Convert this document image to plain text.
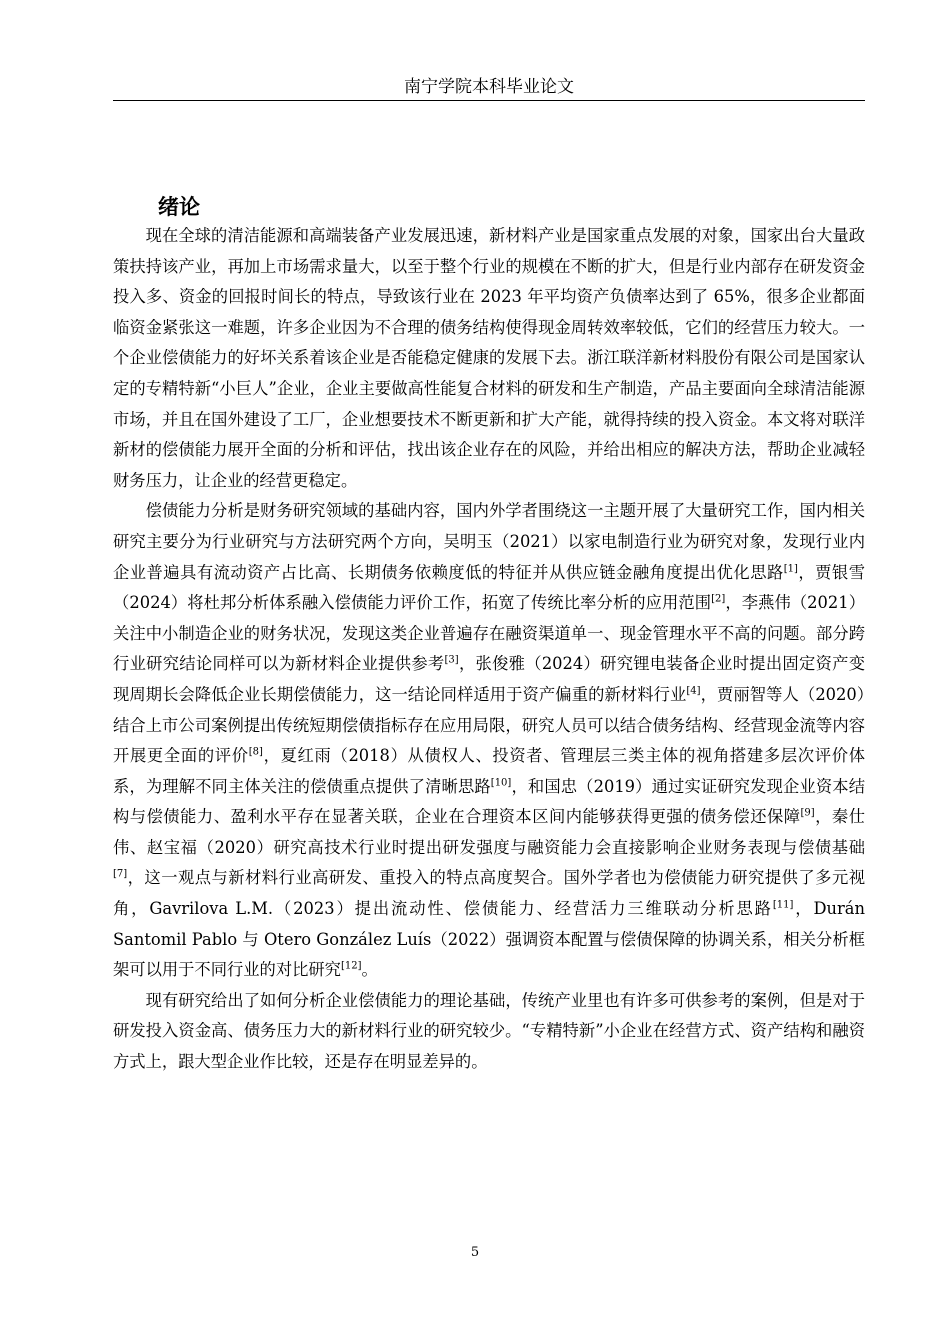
南宁学院本科毕业论文
绪论

现在全球的清洁能源和高端装备产业发展迅速，新材料产业是国家重点发展的对象，国家出台大量政策扶持该产业，再加上市场需求量大，以至于整个行业的规模在不断的扩大，但是行业内部存在研发资金投入多、资金的回报时间长的特点，导致该行业在 2023 年平均资产负债率达到了 65%，很多企业都面临资金紧张这一难题，许多企业因为不合理的债务结构使得现金周转效率较低，它们的经营压力较大。一个企业偿债能力的好坏关系着该企业是否能稳定健康的发展下去。浙江联洋新材料股份有限公司是国家认定的专精特新“小巨人”企业，企业主要做高性能复合材料的研发和生产制造，产品主要面向全球清洁能源市场，并且在国外建设了工厂，企业想要技术不断更新和扩大产能，就得持续的投入资金。本文将对联洋新材的偿债能力展开全面的分析和评估，找出该企业存在的风险，并给出相应的解决方法，帮助企业减轻财务压力，让企业的经营更稳定。

偿债能力分析是财务研究领域的基础内容，国内外学者围绕这一主题开展了大量研究工作，国内相关研究主要分为行业研究与方法研究两个方向，吴明玉（2021）以家电制造行业为研究对象，发现行业内企业普遍具有流动资产占比高、长期债务依赖度低的特征并从供应链金融角度提出优化思路[1]，贾银雪（2024）将杜邦分析体系融入偿债能力评价工作，拓宽了传统比率分析的应用范围[2]，李燕伟（2021）关注中小制造企业的财务状况，发现这类企业普遍存在融资渠道单一、现金管理水平不高的问题。部分跨行业研究结论同样可以为新材料企业提供参考[3]，张俊雅（2024）研究锂电装备企业时提出固定资产变现周期长会降低企业长期偿债能力，这一结论同样适用于资产偏重的新材料行业[4]，贾丽智等人（2020）结合上市公司案例提出传统短期偿债指标存在应用局限，研究人员可以结合债务结构、经营现金流等内容开展更全面的评价[8]，夏红雨（2018）从债权人、投资者、管理层三类主体的视角搭建多层次评价体系，为理解不同主体关注的偿债重点提供了清晰思路[10]，和国忠（2019）通过实证研究发现企业资本结构与偿债能力、盈利水平存在显著关联，企业在合理资本区间内能够获得更强的债务偿还保障[9]，秦仕伟、赵宝福（2020）研究高技术行业时提出研发强度与融资能力会直接影响企业财务表现与偿债基础[7]，这一观点与新材料行业高研发、重投入的特点高度契合。国外学者也为偿债能力研究提供了多元视角，Gavrilova L.M.（2023）提出流动性、偿债能力、经营活力三维联动分析思路[11]，Durán Santomil Pablo 与 Otero González Luís（2022）强调资本配置与偿债保障的协调关系，相关分析框架可以用于不同行业的对比研究[12]。

现有研究给出了如何分析企业偿债能力的理论基础，传统产业里也有许多可供参考的案例，但是对于研发投入资金高、债务压力大的新材料行业的研究较少。“专精特新”小企业在经营方式、资产结构和融资方式上，跟大型企业作比较，还是存在明显差异的。

5
